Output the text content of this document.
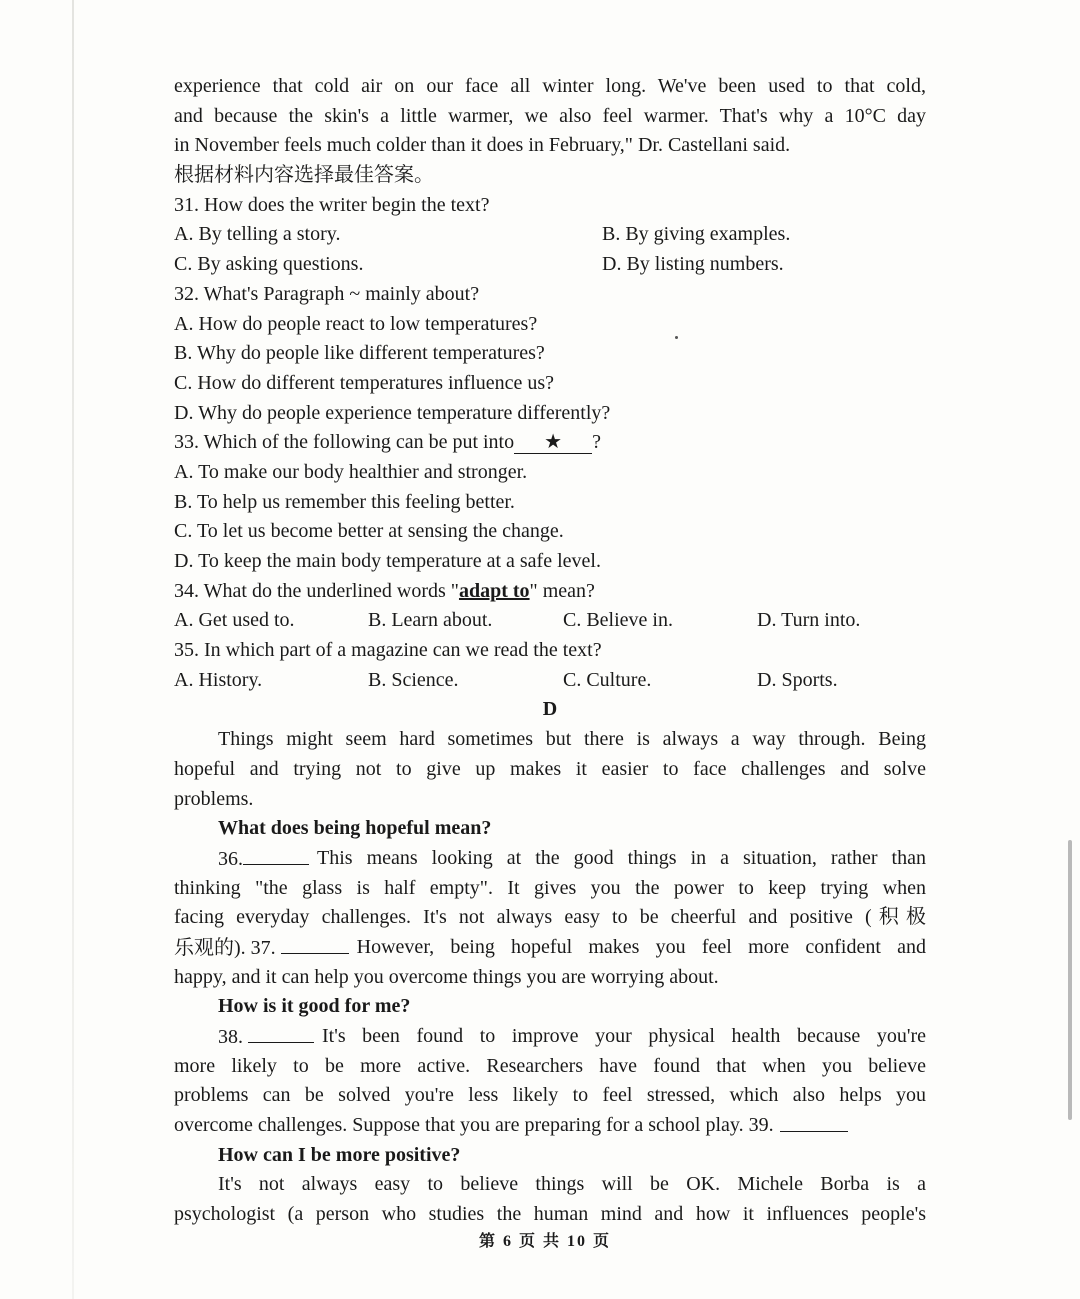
experience that cold air on our face all winter long. We've been used to that cold,
and because the skin's a little warmer, we also feel warmer. That's why a 10°C day
in November feels much colder than it does in February," Dr. Castellani said.
根据材料内容选择最佳答案。
31. How does the writer begin the text?
A. By telling a story.	B. By giving examples.
C. By asking questions.	D. By listing numbers.
32. What's Paragraph ~ mainly about?
A. How do people react to low temperatures?
B. Why do people like different temperatures?
C. How do different temperatures influence us?
D. Why do people experience temperature differently?
33. Which of the following can be put into ★ ?
A. To make our body healthier and stronger.
B. To help us remember this feeling better.
C. To let us become better at sensing the change.
D. To keep the main body temperature at a safe level.
34. What do the underlined words "adapt to" mean?
A. Get used to.	B. Learn about.	C. Believe in.	D. Turn into.
35. In which part of a magazine can we read the text?
A. History.	B. Science.	C. Culture.	D. Sports.
D
Things might seem hard sometimes but there is always a way through. Being
hopeful and trying not to give up makes it easier to face challenges and solve
problems.
What does being hopeful mean?
36.	This means looking at the good things in a situation, rather than
thinking "the glass is half empty". It gives you the power to keep trying when
facing everyday challenges. It's not always easy to be cheerful and positive (积极
乐观的). 37.	However, being hopeful makes you feel more confident and
happy, and it can help you overcome things you are worrying about.
How is it good for me?
38.	It's been found to improve your physical health because you're
more likely to be more active. Researchers have found that when you believe
problems can be solved you're less likely to feel stressed, which also helps you
overcome challenges. Suppose that you are preparing for a school play. 39.
How can I be more positive?
It's not always easy to believe things will be OK. Michele Borba is a
psychologist (a person who studies the human mind and how it influences people's
第 6 页 共 10 页
